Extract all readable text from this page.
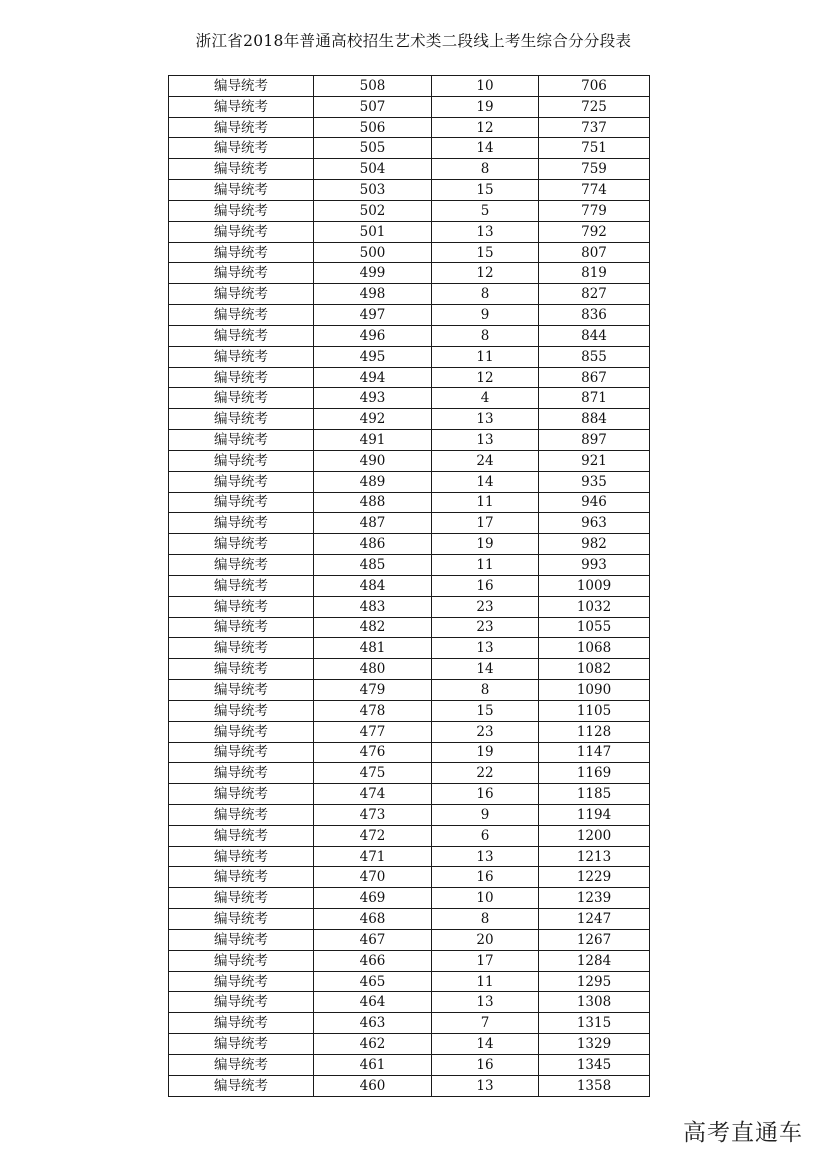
浙江省2018年普通高校招生艺术类二段线上考生综合分分段表
编导统考	508	10	706
编导统考	507	19	725
编导统考	506	12	737
编导统考	505	14	751
编导统考	504	8	759
编导统考	503	15	774
编导统考	502	5	779
编导统考	501	13	792
编导统考	500	15	807
编导统考	499	12	819
编导统考	498	8	827
编导统考	497	9	836
编导统考	496	8	844
编导统考	495	11	855
编导统考	494	12	867
编导统考	493	4	871
编导统考	492	13	884
编导统考	491	13	897
编导统考	490	24	921
编导统考	489	14	935
编导统考	488	11	946
编导统考	487	17	963
编导统考	486	19	982
编导统考	485	11	993
编导统考	484	16	1009
编导统考	483	23	1032
编导统考	482	23	1055
编导统考	481	13	1068
编导统考	480	14	1082
编导统考	479	8	1090
编导统考	478	15	1105
编导统考	477	23	1128
编导统考	476	19	1147
编导统考	475	22	1169
编导统考	474	16	1185
编导统考	473	9	1194
编导统考	472	6	1200
编导统考	471	13	1213
编导统考	470	16	1229
编导统考	469	10	1239
编导统考	468	8	1247
编导统考	467	20	1267
编导统考	466	17	1284
编导统考	465	11	1295
编导统考	464	13	1308
编导统考	463	7	1315
编导统考	462	14	1329
编导统考	461	16	1345
编导统考	460	13	1358
高考直通车
